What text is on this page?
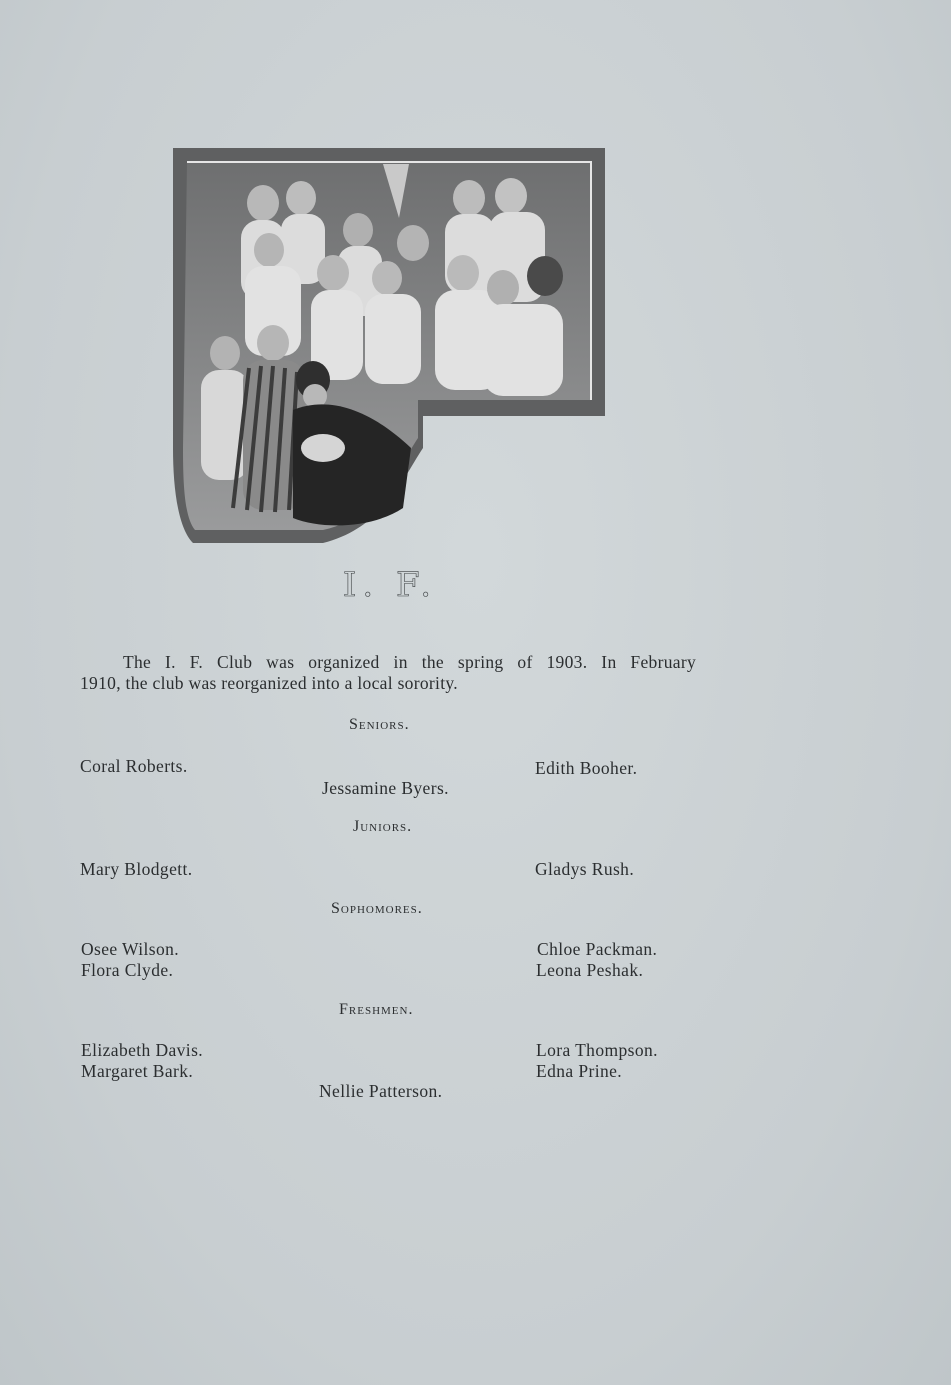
I. F.
The I. F. Club was organized in the spring of 1903. In February
1910, the club was reorganized into a local sorority.
Seniors.
Coral Roberts.
Jessamine Byers.
Edith Booher.
Juniors.
Mary Blodgett.	Gladys Rush.
Sophomores.
Osee Wilson.
Flora Clyde.
Chloe Packman.
Leona Peshak.
Freshmen.
Elizabeth Davis.
Margaret Bark.
Lora Thompson.
Edna Prine.
Nellie Patterson.
